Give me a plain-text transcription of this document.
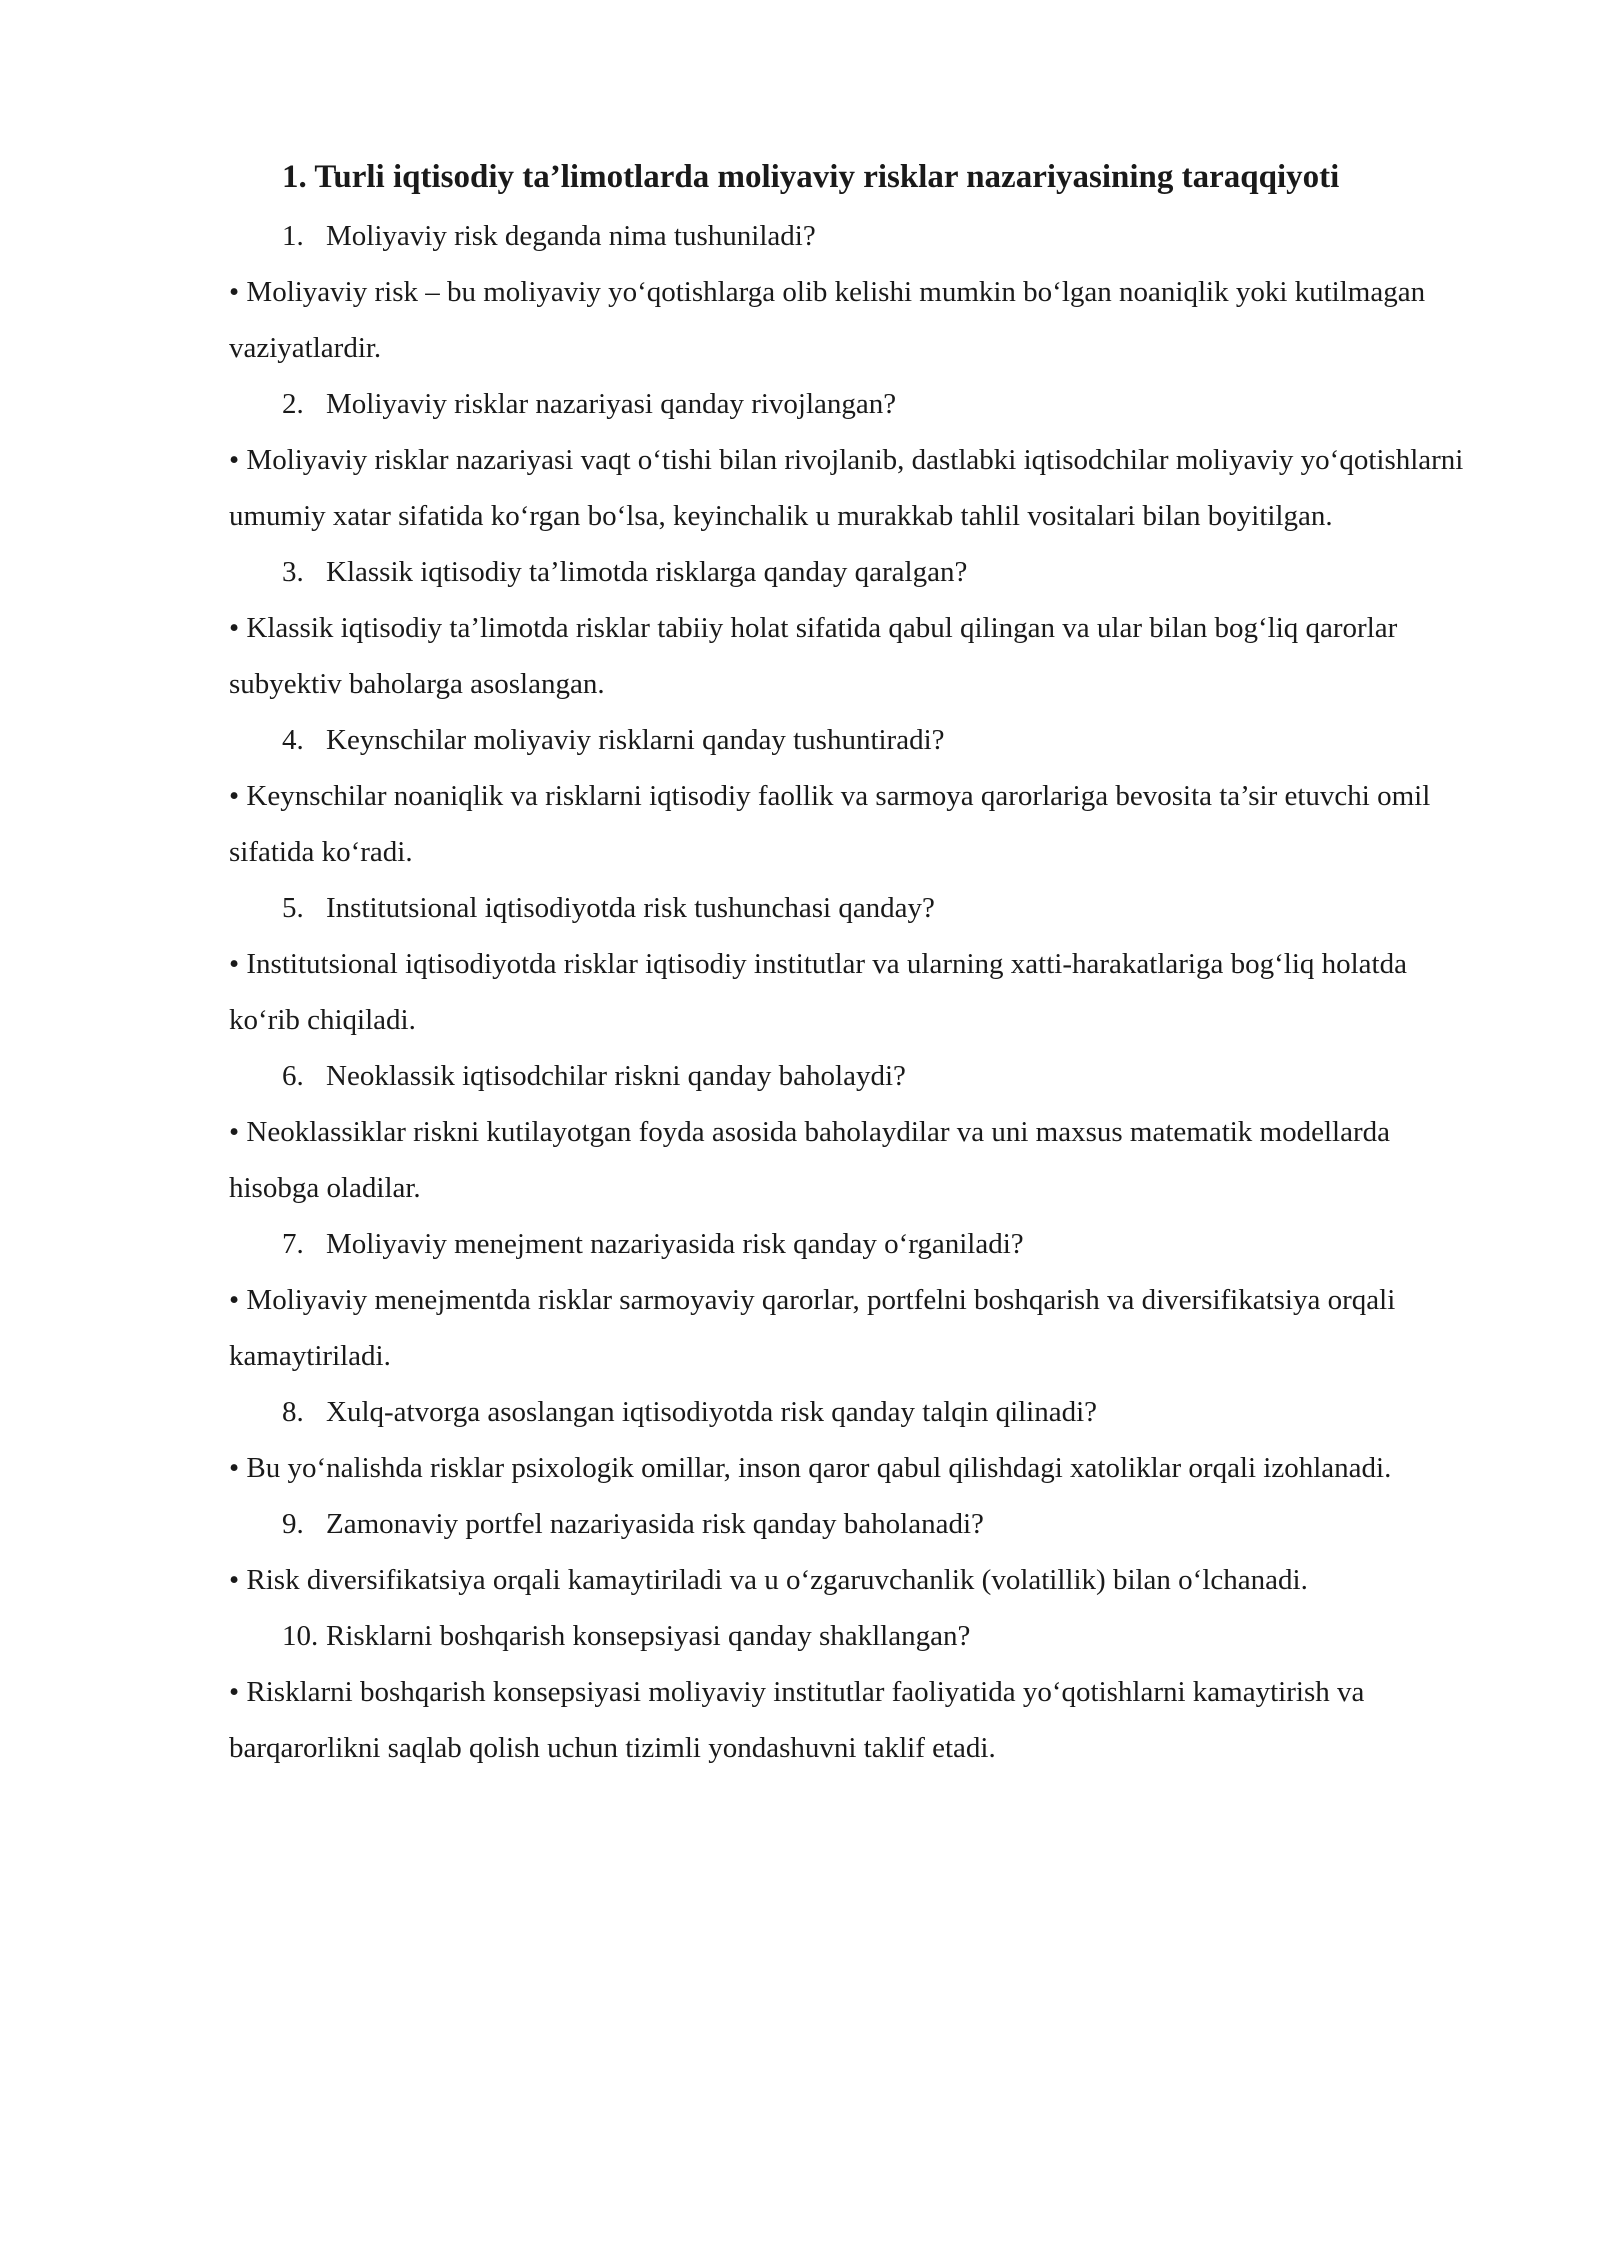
1. Turli iqtisodiy ta’limotlarda moliyaviy risklar nazariyasining taraqqiyoti

1. Moliyaviy risk deganda nima tushuniladi?

• Moliyaviy risk – bu moliyaviy yo‘qotishlarga olib kelishi mumkin bo‘lgan noaniqlik yoki kutilmagan vaziyatlardir.

2. Moliyaviy risklar nazariyasi qanday rivojlangan?

• Moliyaviy risklar nazariyasi vaqt o‘tishi bilan rivojlanib, dastlabki iqtisodchilar moliyaviy yo‘qotishlarni umumiy xatar sifatida ko‘rgan bo‘lsa, keyinchalik u murakkab tahlil vositalari bilan boyitilgan.

3. Klassik iqtisodiy ta’limotda risklarga qanday qaralgan?

• Klassik iqtisodiy ta’limotda risklar tabiiy holat sifatida qabul qilingan va ular bilan bog‘liq qarorlar subyektiv baholarga asoslangan.

4. Keynschilar moliyaviy risklarni qanday tushuntiradi?

• Keynschilar noaniqlik va risklarni iqtisodiy faollik va sarmoya qarorlariga bevosita ta’sir etuvchi omil sifatida ko‘radi.

5. Institutsional iqtisodiyotda risk tushunchasi qanday?

• Institutsional iqtisodiyotda risklar iqtisodiy institutlar va ularning xatti-harakatlariga bog‘liq holatda ko‘rib chiqiladi.

6. Neoklassik iqtisodchilar riskni qanday baholaydi?

• Neoklassiklar riskni kutilayotgan foyda asosida baholaydilar va uni maxsus matematik modellarda hisobga oladilar.

7. Moliyaviy menejment nazariyasida risk qanday o‘rganiladi?

• Moliyaviy menejmentda risklar sarmoyaviy qarorlar, portfelni boshqarish va diversifikatsiya orqali kamaytiriladi.

8. Xulq-atvorga asoslangan iqtisodiyotda risk qanday talqin qilinadi?

• Bu yo‘nalishda risklar psixologik omillar, inson qaror qabul qilishdagi xatoliklar orqali izohlanadi.

9. Zamonaviy portfel nazariyasida risk qanday baholanadi?

• Risk diversifikatsiya orqali kamaytiriladi va u o‘zgaruvchanlik (volatillik) bilan o‘lchanadi.

10. Risklarni boshqarish konsepsiyasi qanday shakllangan?

• Risklarni boshqarish konsepsiyasi moliyaviy institutlar faoliyatida yo‘qotishlarni kamaytirish va barqarorlikni saqlab qolish uchun tizimli yondashuvni taklif etadi.
